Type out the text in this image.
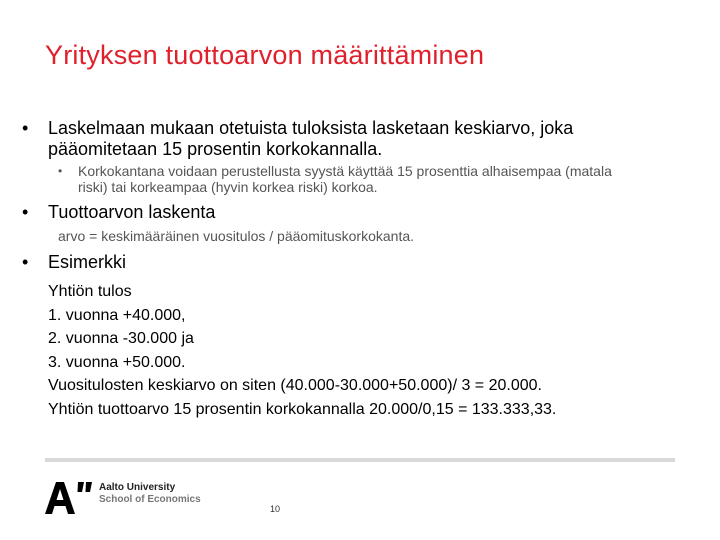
Yrityksen tuottoarvon määrittäminen
•	Laskelmaan mukaan otetuista tuloksista lasketaan keskiarvo, joka
pääomitetaan 15 prosentin korkokannalla.
•	Korkokantana voidaan perustellusta syystä käyttää 15 prosenttia alhaisempaa (matala
riski) tai korkeampaa (hyvin korkea riski) korkoa.
•	Tuottoarvon laskenta
arvo = keskimääräinen vuositulos / pääomituskorkokanta.
•	Esimerkki
Yhtiön tulos
1. vuonna +40.000,
2. vuonna -30.000 ja
3. vuonna +50.000.
Vuositulosten keskiarvo on siten (40.000-30.000+50.000)/ 3 = 20.000.
Yhtiön tuottoarvo 15 prosentin korkokannalla 20.000/0,15 = 133.333,33.
Aalto University
School of Economics
10
